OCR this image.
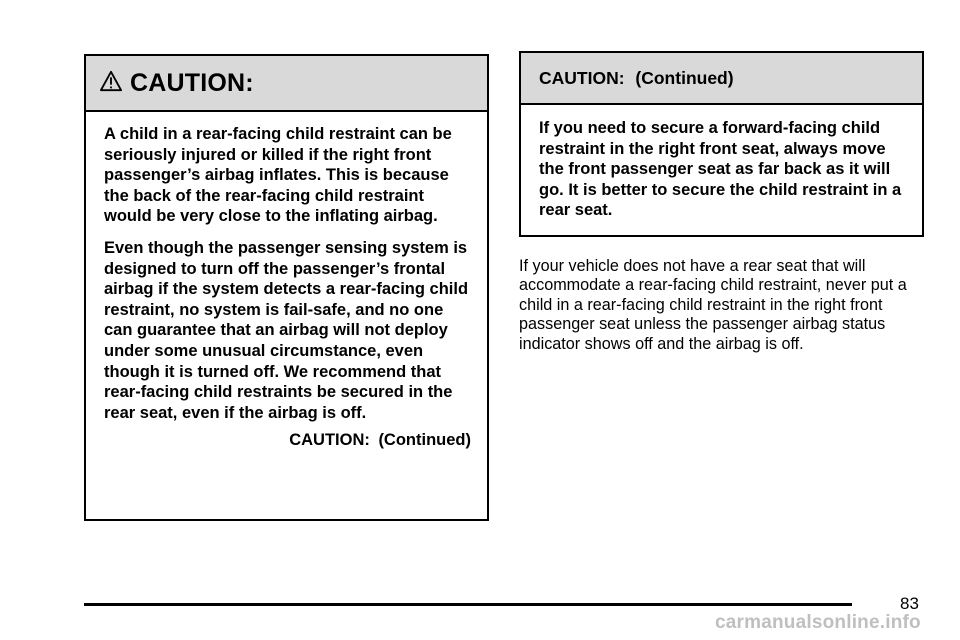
CAUTION:

A child in a rear-facing child restraint can be seriously injured or killed if the right front passenger’s airbag inflates. This is because the back of the rear-facing child restraint would be very close to the inflating airbag.

Even though the passenger sensing system is designed to turn off the passenger’s frontal airbag if the system detects a rear-facing child restraint, no system is fail-safe, and no one can guarantee that an airbag will not deploy under some unusual circumstance, even though it is turned off. We recommend that rear-facing child restraints be secured in the rear seat, even if the airbag is off.

CAUTION: (Continued)
CAUTION: (Continued)

If you need to secure a forward-facing child restraint in the right front seat, always move the front passenger seat as far back as it will go. It is better to secure the child restraint in a rear seat.

If your vehicle does not have a rear seat that will accommodate a rear-facing child restraint, never put a child in a rear-facing child restraint in the right front passenger seat unless the passenger airbag status indicator shows off and the airbag is off.

83
carmanualsonline.info
